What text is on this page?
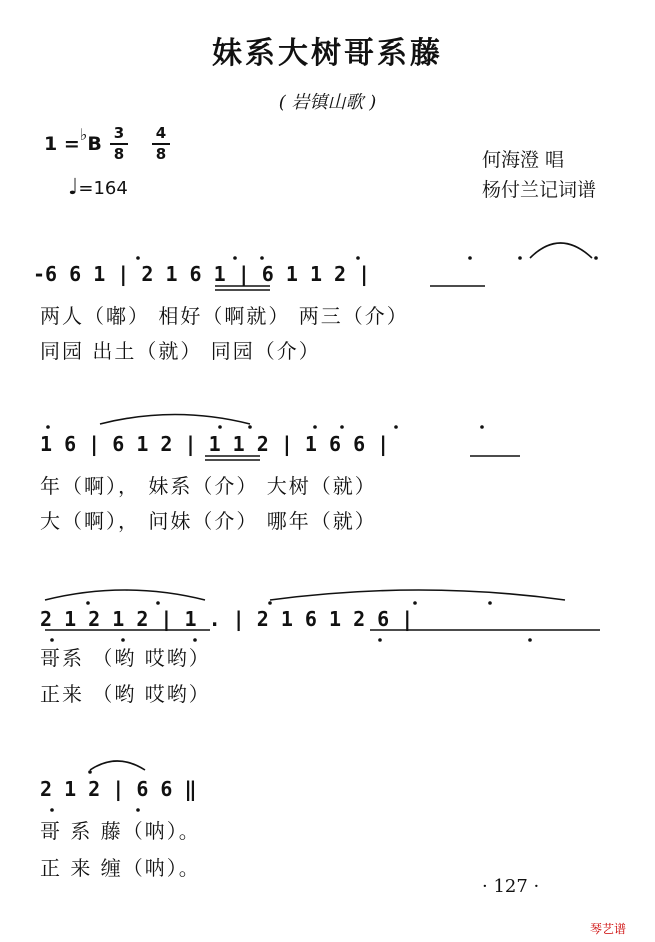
妹系大树哥系藤
( 岩镇山歌 )
1 =♭B 3
8
4
8
♩=164
何海澄 唱
杨付兰记词谱
-6 6 1 | 2 1 6 1 | 6 1 1 2 |
两人（嘟） 相好（啊就） 两三（介）
同园 出土（就） 同园（介）
1 6 | 6 1 2 | 1 1 2 | 1 6 6 |
年（啊）， 妹系（介） 大树（就）
大（啊）， 问妹（介） 哪年（就）
2 1 2 1 2 | 1 . | 2 1 6 1 2 6 |
哥系 （哟 哎哟）
正来 （哟 哎哟）
2 1 2 | 6 6 ‖
哥 系 藤（呐）。
正 来 缠（呐）。
· 127 ·
琴艺谱
